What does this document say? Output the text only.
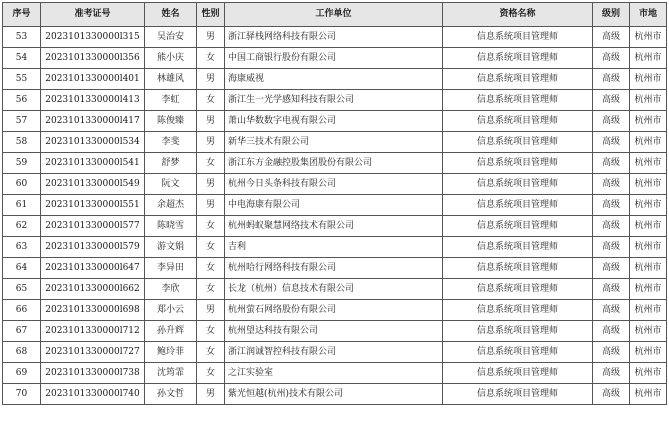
序号	准考证号	姓名	性别	工作单位	资格名称	级别	市地
53	2023101330000l315	吴治安	男	浙江驿栈网络科技有限公司	信息系统项目管理师	高级	杭州市
54	2023101330000l356	熊小庆	女	中国工商银行股份有限公司	信息系统项目管理师	高级	杭州市
55	2023101330000l401	林雄风	男	海康威视	信息系统项目管理师	高级	杭州市
56	2023101330000l413	李虹	女	浙江生一光学感知科技有限公司	信息系统项目管理师	高级	杭州市
57	2023101330000l417	陈俊臻	男	萧山华数数字电视有限公司	信息系统项目管理师	高级	杭州市
58	2023101330000l534	李斐	男	新华三技术有限公司	信息系统项目管理师	高级	杭州市
59	2023101330000l541	舒梦	女	浙江东方金融控股集团股份有限公司	信息系统项目管理师	高级	杭州市
60	2023101330000l549	阮文	男	杭州今日头条科技有限公司	信息系统项目管理师	高级	杭州市
61	2023101330000l551	余超杰	男	中电海康有限公司	信息系统项目管理师	高级	杭州市
62	2023101330000l577	陈晓雪	女	杭州蚂蚁聚慧网络技术有限公司	信息系统项目管理师	高级	杭州市
63	2023101330000l579	游文娟	女	吉利	信息系统项目管理师	高级	杭州市
64	2023101330000l647	李异田	女	杭州哈行网络科技有限公司	信息系统项目管理师	高级	杭州市
65	2023101330000l662	李欣	女	长龙（杭州）信息技术有限公司	信息系统项目管理师	高级	杭州市
66	2023101330000l698	郑小云	男	杭州萤石网络股份有限公司	信息系统项目管理师	高级	杭州市
67	2023101330000l712	孙升辉	女	杭州望达科技有限公司	信息系统项目管理师	高级	杭州市
68	2023101330000l727	鲍玲菲	女	浙江润诚智控科技有限公司	信息系统项目管理师	高级	杭州市
69	2023101330000l738	沈筠霏	女	之江实验室	信息系统项目管理师	高级	杭州市
70	2023101330000l740	孙文哲	男	紫光恒越(杭州)技术有限公司	信息系统项目管理师	高级	杭州市
